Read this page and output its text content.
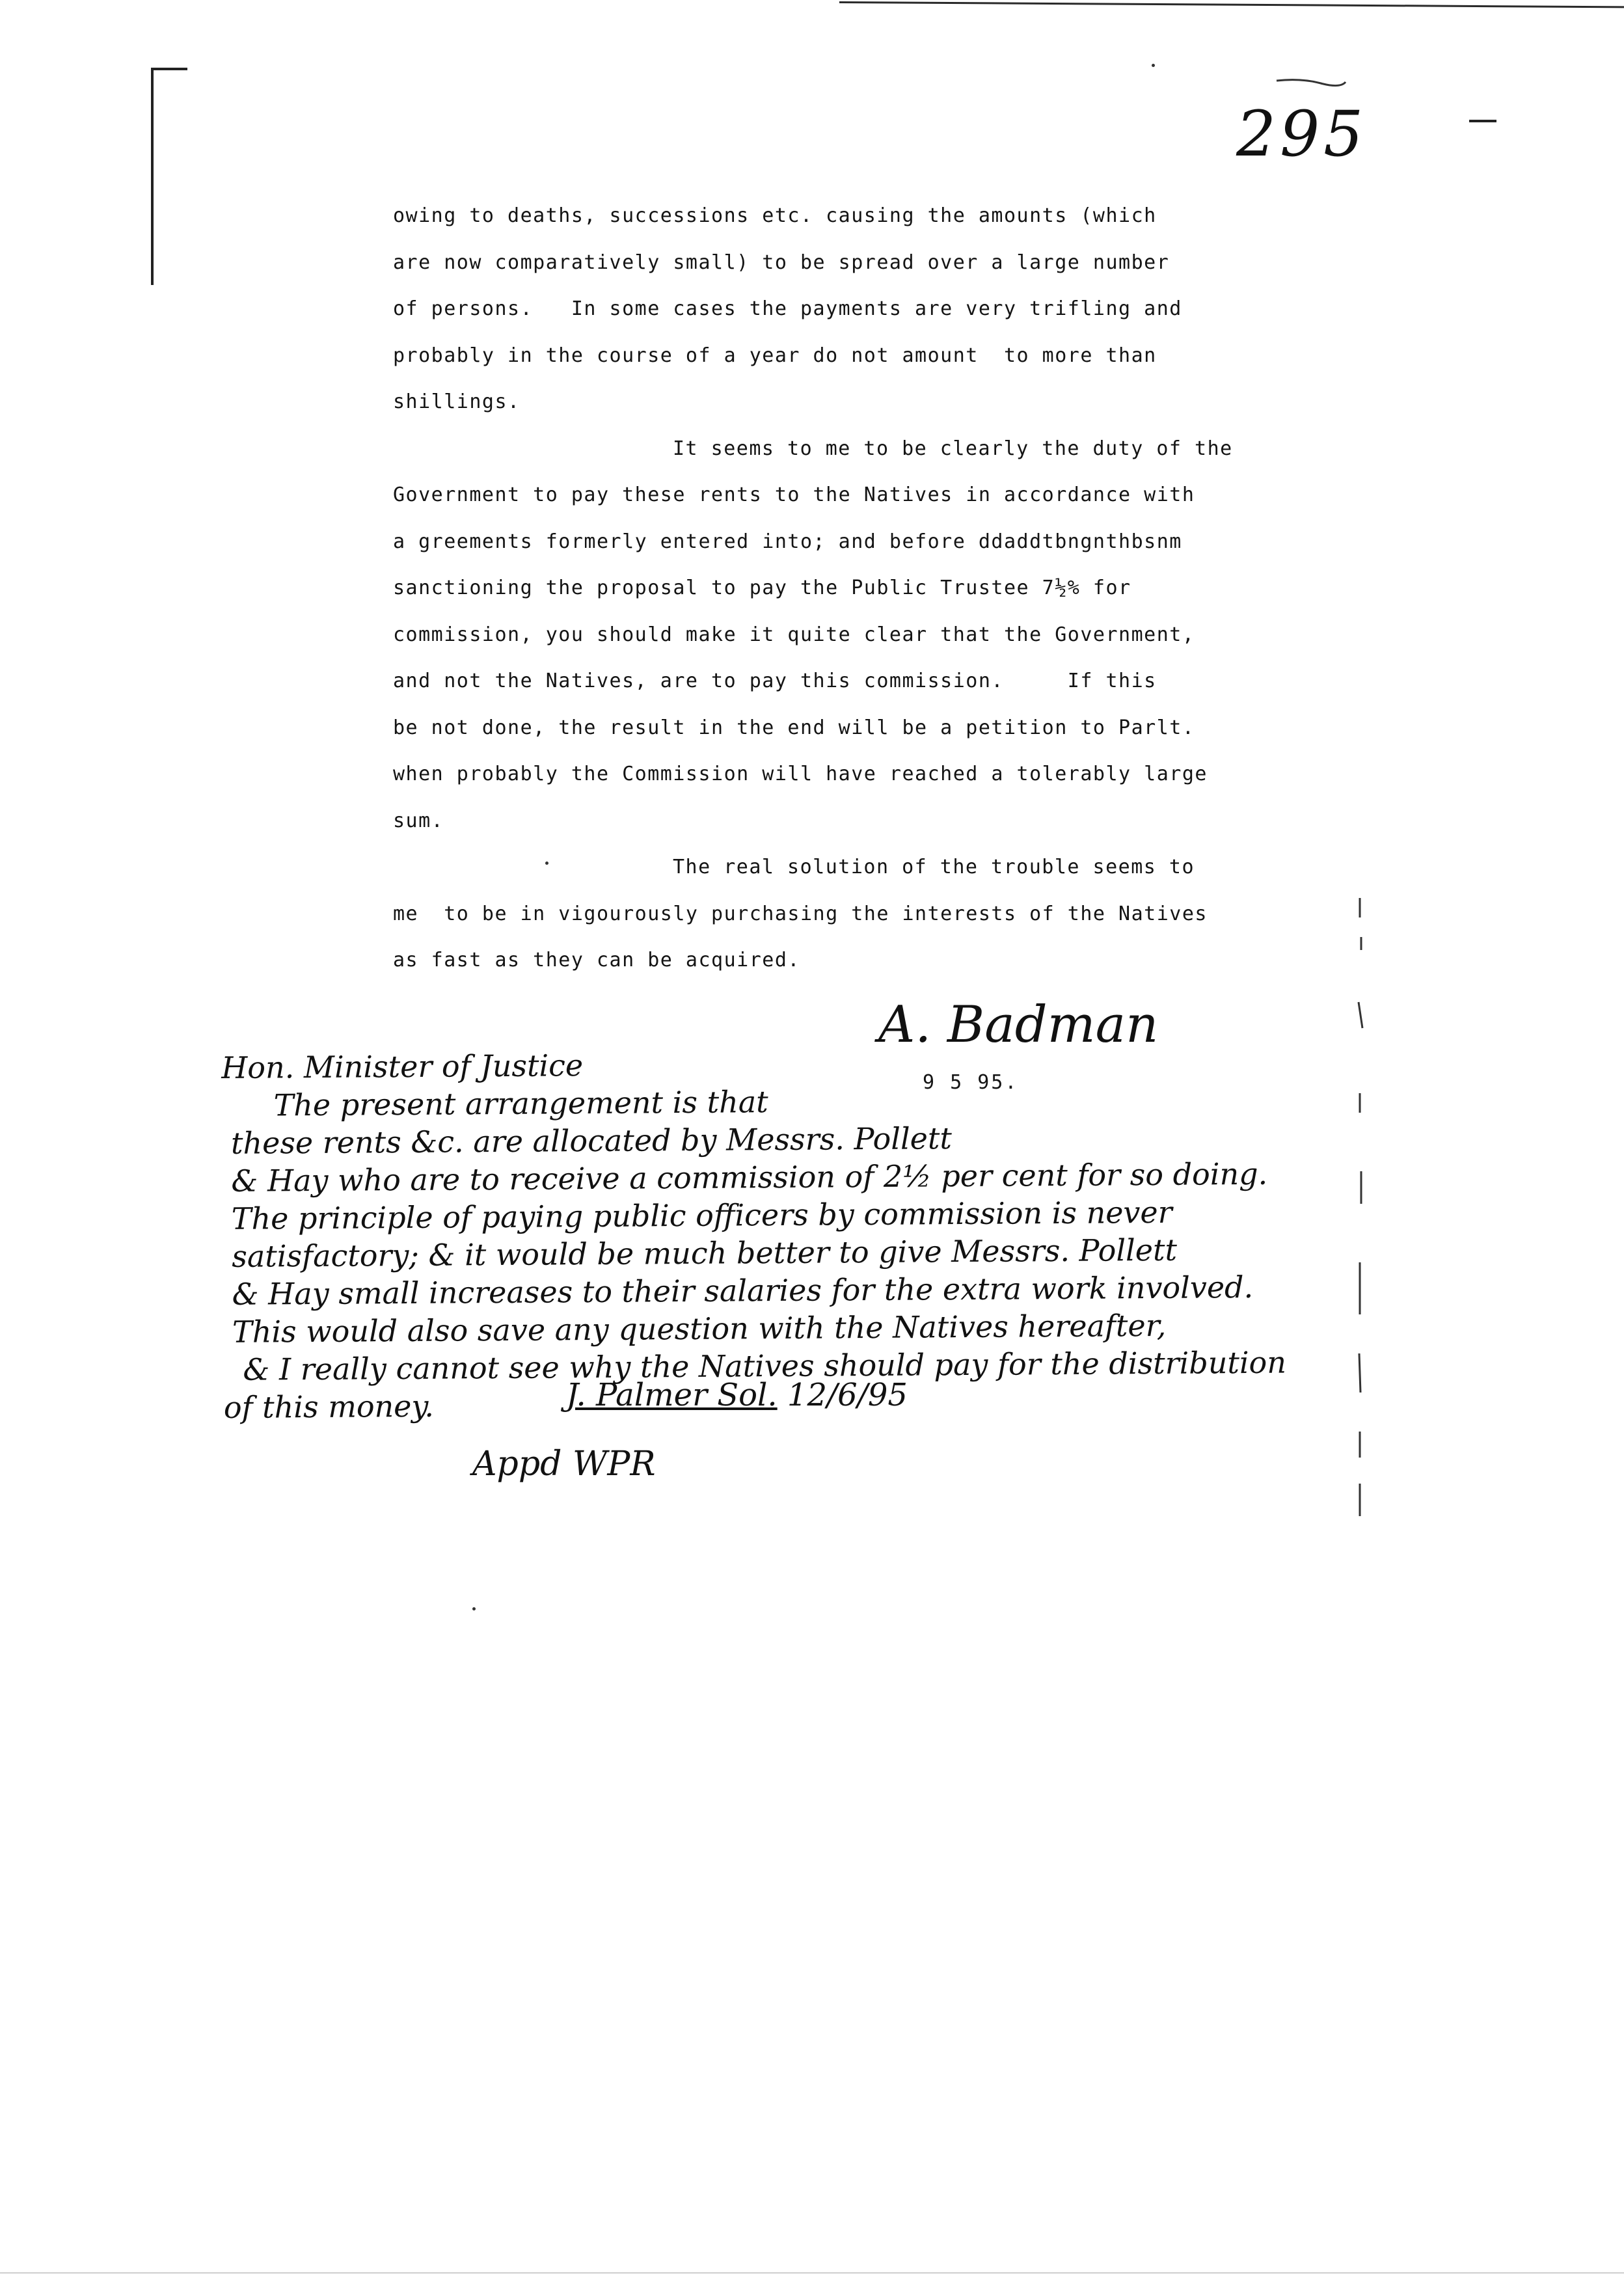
295
owing to deaths, successions etc. causing the amounts (which
are now comparatively small) to be spread over a large number
of persons.   In some cases the payments are very trifling and
probably in the course of a year do not amount  to more than
shillings.
It seems to me to be clearly the duty of the
Government to pay these rents to the Natives in accordance with
a greements formerly entered into; and before ddaddtbngnthbsnm
sanctioning the proposal to pay the Public Trustee 7½% for
commission, you should make it quite clear that the Government,
and not the Natives, are to pay this commission.     If this
be not done, the result in the end will be a petition to Parlt.
when probably the Commission will have reached a tolerably large
sum.
The real solution of the trouble seems to
me  to be in vigourously purchasing the interests of the Natives
as fast as they can be acquired.
A. Badman
9 5 95.
Hon. Minister of Justice
The present arrangement is that
these rents &c. are allocated by Messrs. Pollett
& Hay who are to receive a commission of 2½ per cent for so doing.
The principle of paying public officers by commission is never
satisfactory; & it would be much better to give Messrs. Pollett
& Hay small increases to their salaries for the extra work involved.
This would also save any question with the Natives hereafter,
& I really cannot see why the Natives should pay for the distribution
of this money.	J. Palmer Sol. 12/6/95
Appd WPR
